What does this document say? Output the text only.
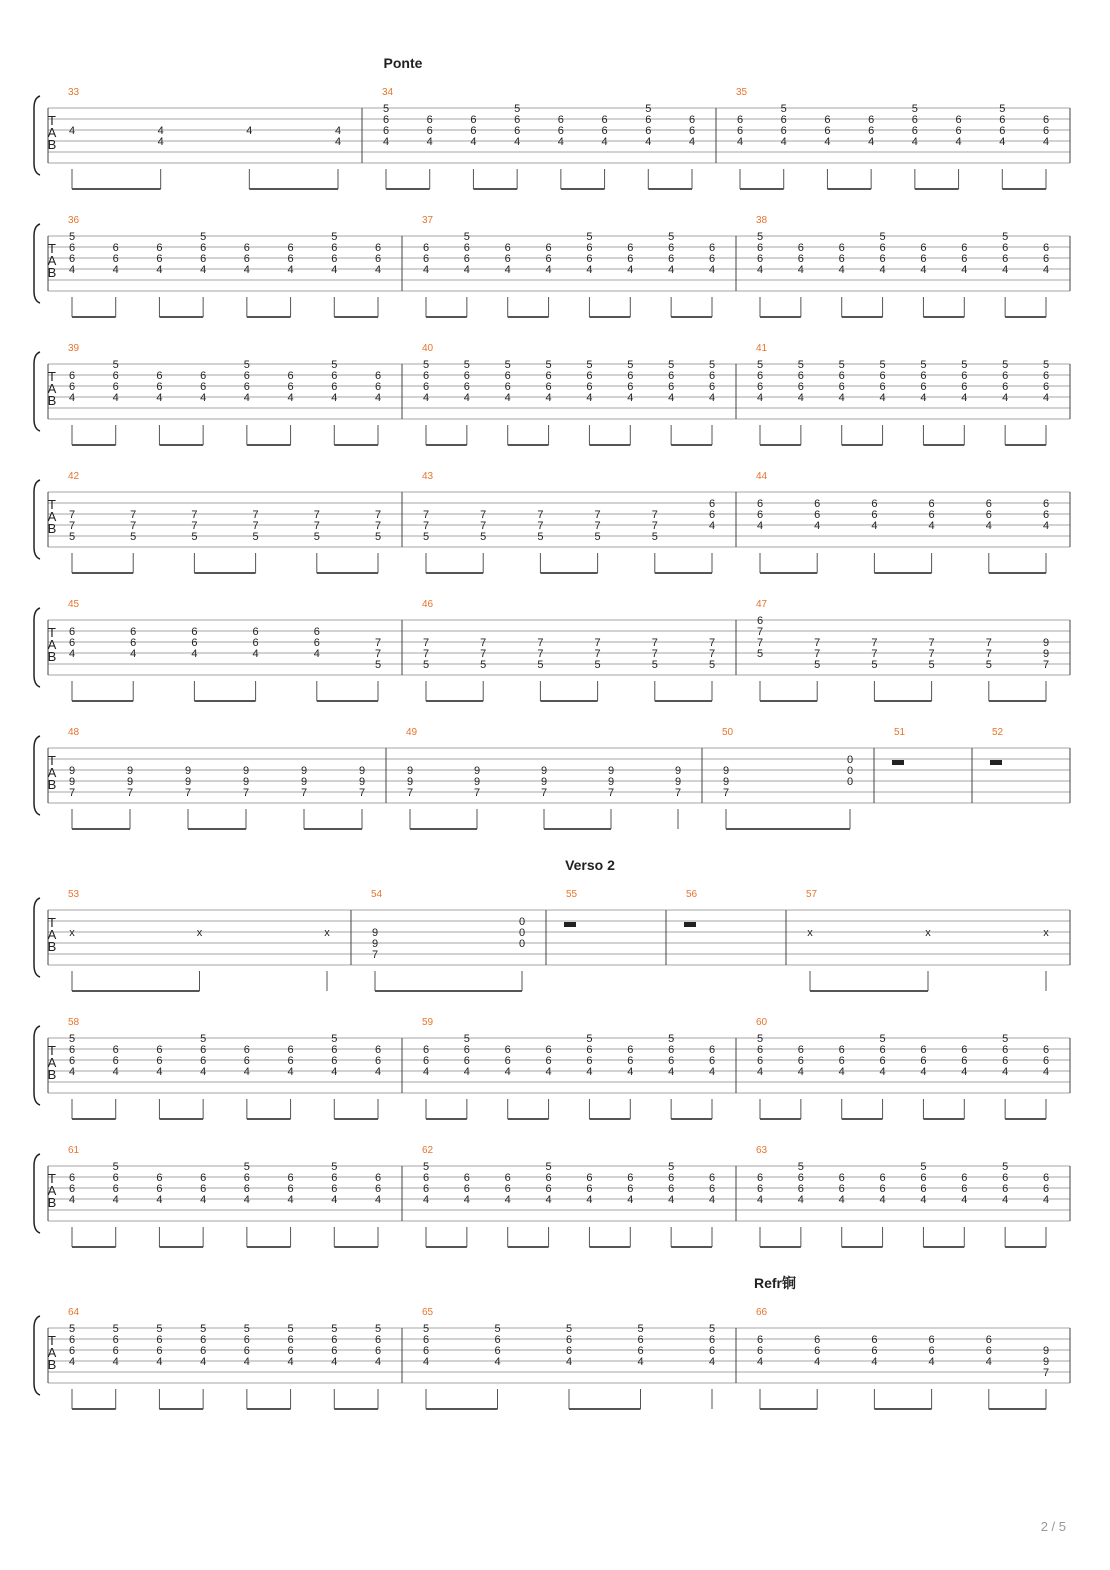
T
A
B
33
4	4
4
4	4
4
34
5
6
6
4
6
6
4
6
6
4
5
6
6
4
6
6
4
6
6
4
5
6
6
4
6
6
4
35
6
6
4
5
6
6
4
6
6
4
6
6
4
5
6
6
4
6
6
4
5
6
6
4
6
6
4
T
A
B
36
5
6
6
4
6
6
4
6
6
4
5
6
6
4
6
6
4
6
6
4
5
6
6
4
6
6
4
37
6
6
4
5
6
6
4
6
6
4
6
6
4
5
6
6
4
6
6
4
5
6
6
4
6
6
4
38
5
6
6
4
6
6
4
6
6
4
5
6
6
4
6
6
4
6
6
4
5
6
6
4
6
6
4
T
A
B
39
6
6
4
5
6
6
4
6
6
4
6
6
4
5
6
6
4
6
6
4
5
6
6
4
6
6
4
40
5
6
6
4
5
6
6
4
5
6
6
4
5
6
6
4
5
6
6
4
5
6
6
4
5
6
6
4
5
6
6
4
41
5
6
6
4
5
6
6
4
5
6
6
4
5
6
6
4
5
6
6
4
5
6
6
4
5
6
6
4
5
6
6
4
T
A
B
42
7
7
5
7
7
5
7
7
5
7
7
5
7
7
5
7
7
5
43
7
7
5
7
7
5
7
7
5
7
7
5
7
7
5
6
6
4
44
6
6
4
6
6
4
6
6
4
6
6
4
6
6
4
6
6
4
T
A
B
45
6
6
4
6
6
4
6
6
4
6
6
4
6
6
4
7
7
5
46
7
7
5
7
7
5
7
7
5
7
7
5
7
7
5
7
7
5
47
6
7
7
5
7
7
5
7
7
5
7
7
5
7
7
5
9
9
7
T
A
B
48
9
9
7
9
9
7
9
9
7
9
9
7
9
9
7
9
9
7
49
9
9
7
9
9
7
9
9
7
9
9
7
9
9
7
50
9
9
7
0
0
0
51	52
T
A
B
53
x	x	x
54
9
9
7
0
0
0
55	56	57
x	x	x
T
A
B
58
5
6
6
4
6
6
4
6
6
4
5
6
6
4
6
6
4
6
6
4
5
6
6
4
6
6
4
59
6
6
4
5
6
6
4
6
6
4
6
6
4
5
6
6
4
6
6
4
5
6
6
4
6
6
4
60
5
6
6
4
6
6
4
6
6
4
5
6
6
4
6
6
4
6
6
4
5
6
6
4
6
6
4
T
A
B
61
6
6
4
5
6
6
4
6
6
4
6
6
4
5
6
6
4
6
6
4
5
6
6
4
6
6
4
62
5
6
6
4
6
6
4
6
6
4
5
6
6
4
6
6
4
6
6
4
5
6
6
4
6
6
4
63
6
6
4
5
6
6
4
6
6
4
6
6
4
5
6
6
4
6
6
4
5
6
6
4
6
6
4
T
A
B
64
5
6
6
4
5
6
6
4
5
6
6
4
5
6
6
4
5
6
6
4
5
6
6
4
5
6
6
4
5
6
6
4
65
5
6
6
4
5
6
6
4
5
6
6
4
5
6
6
4
5
6
6
4
66
6
6
4
6
6
4
6
6
4
6
6
4
6
6
4
9
9
7
Ponte
Verso 2
Refr锏
2 / 5
